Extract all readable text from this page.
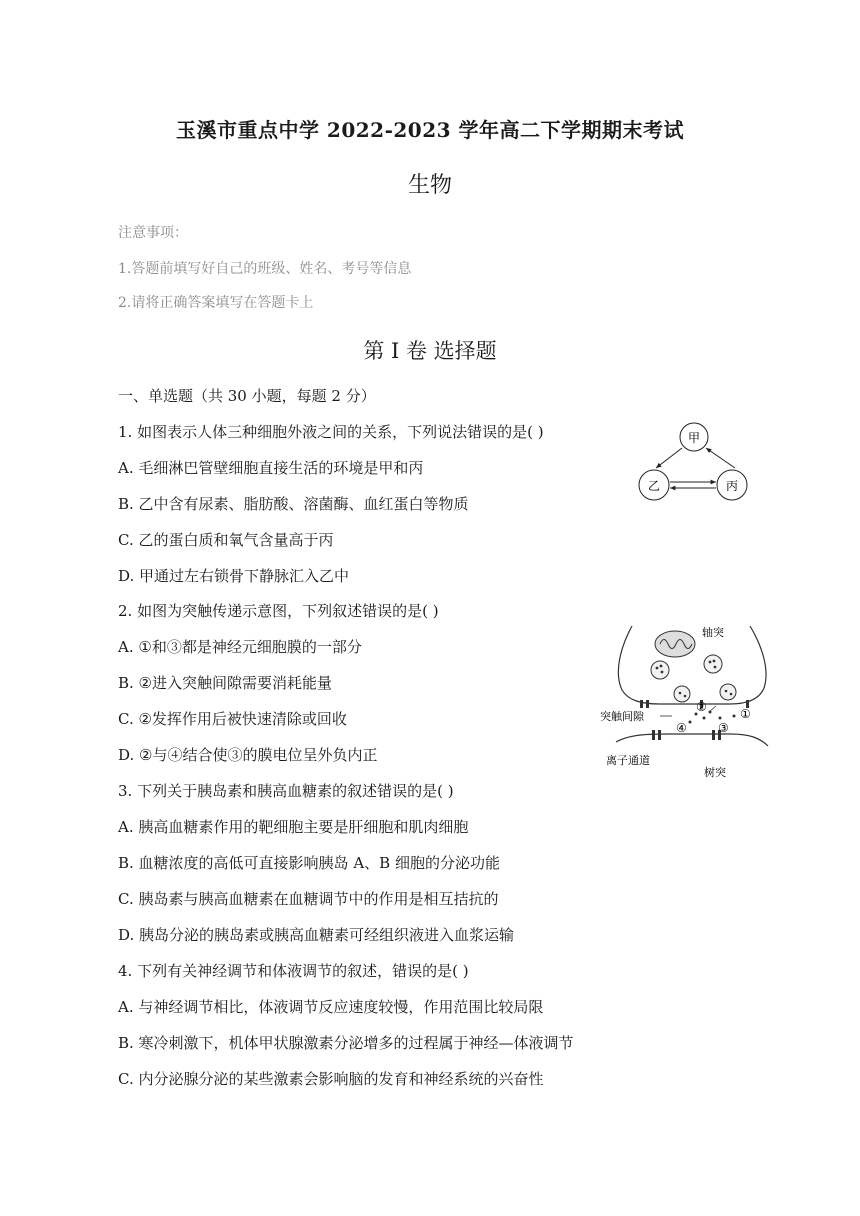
玉溪市重点中学 2022-2023 学年高二下学期期末考试
生物
注意事项：
1.答题前填写好自己的班级、姓名、考号等信息
2.请将正确答案填写在答题卡上
第 I 卷 选择题
一、单选题（共 30 小题，每题 2 分）
1. 如图表示人体三种细胞外液之间的关系，下列说法错误的是( )
A. 毛细淋巴管壁细胞直接生活的环境是甲和丙
B. 乙中含有尿素、脂肪酸、溶菌酶、血红蛋白等物质
C. 乙的蛋白质和氧气含量高于丙
D. 甲通过左右锁骨下静脉汇入乙中
2. 如图为突触传递示意图，下列叙述错误的是( )
A. ①和③都是神经元细胞膜的一部分
B. ②进入突触间隙需要消耗能量
C. ②发挥作用后被快速清除或回收
D. ②与④结合使③的膜电位呈外负内正
3. 下列关于胰岛素和胰高血糖素的叙述错误的是( )
A. 胰高血糖素作用的靶细胞主要是肝细胞和肌肉细胞
B. 血糖浓度的高低可直接影响胰岛 A、B 细胞的分泌功能
C. 胰岛素与胰高血糖素在血糖调节中的作用是相互拮抗的
D. 胰岛分泌的胰岛素或胰高血糖素可经组织液进入血浆运输
4. 下列有关神经调节和体液调节的叙述，错误的是( )
A. 与神经调节相比，体液调节反应速度较慢，作用范围比较局限
B. 寒冷刺激下，机体甲状腺激素分泌增多的过程属于神经—体液调节
C. 内分泌腺分泌的某些激素会影响脑的发育和神经系统的兴奋性
甲
乙	丙
轴突
突触间隙
离子通道
树突
①
②
③
④
